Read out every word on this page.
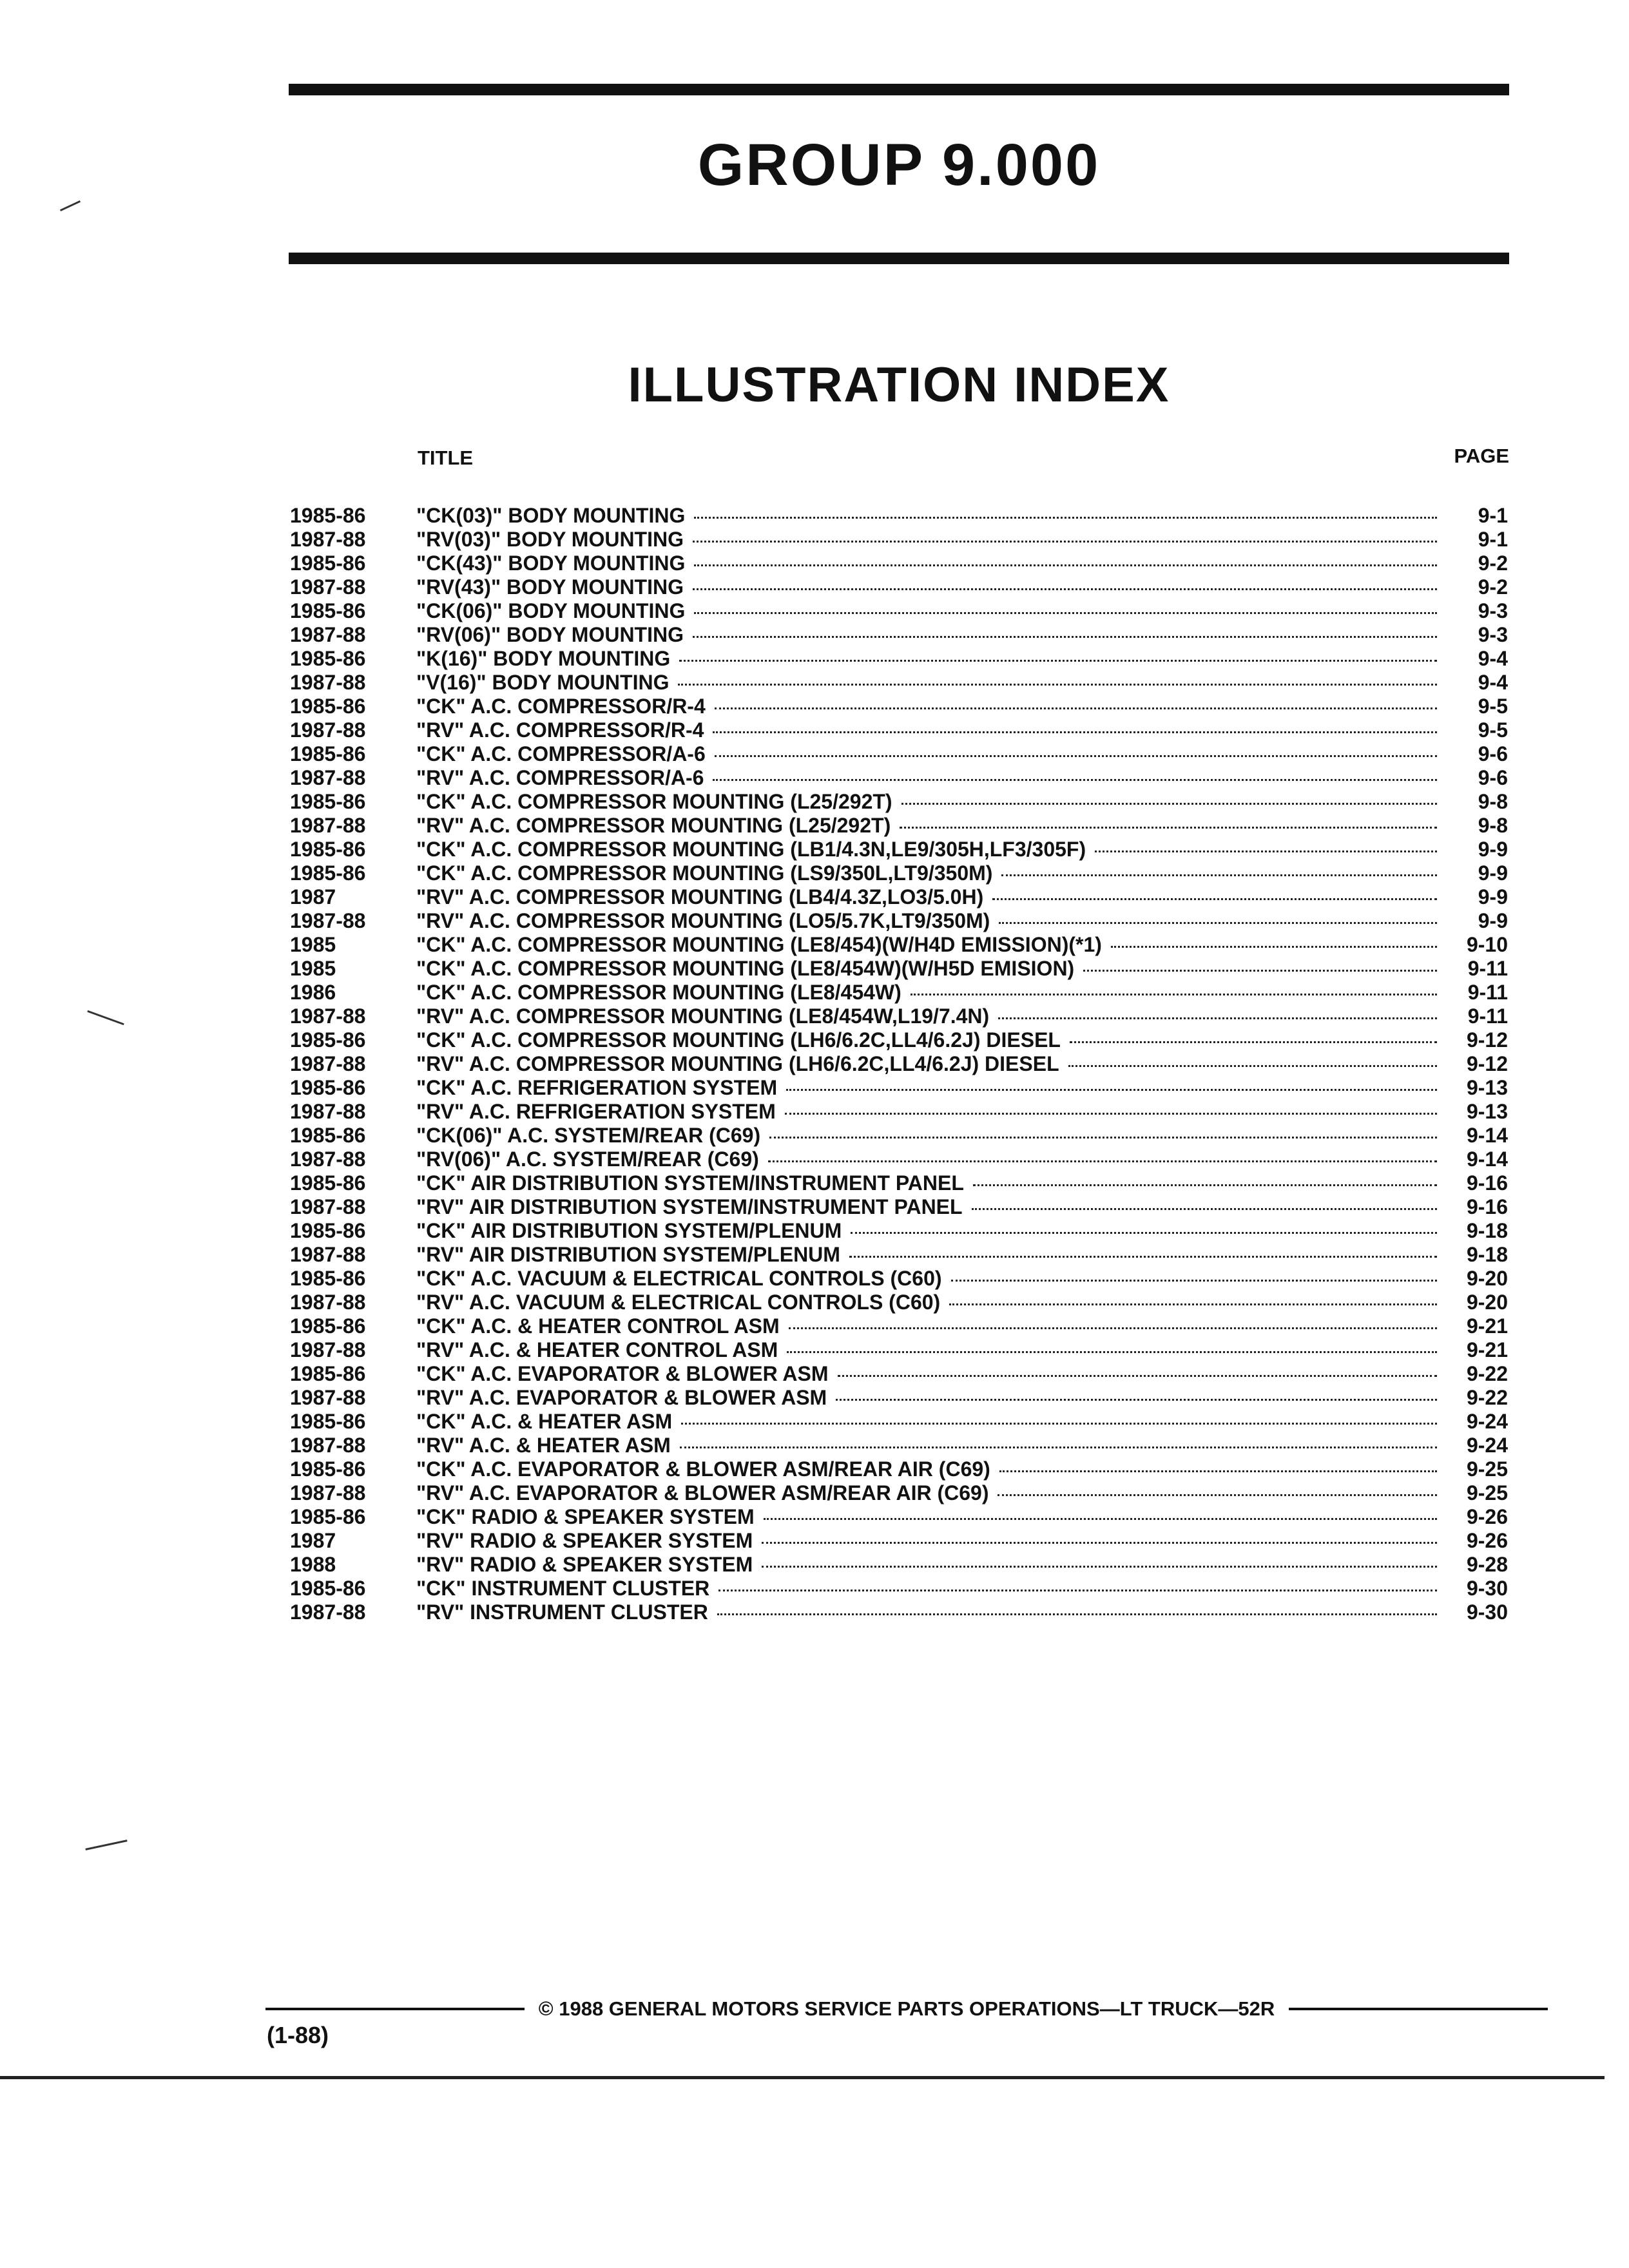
GROUP 9.000
ILLUSTRATION INDEX
TITLE	PAGE
1985-86	"CK(03)" BODY MOUNTING	9-1
1987-88	"RV(03)" BODY MOUNTING	9-1
1985-86	"CK(43)" BODY MOUNTING	9-2
1987-88	"RV(43)" BODY MOUNTING	9-2
1985-86	"CK(06)" BODY MOUNTING	9-3
1987-88	"RV(06)" BODY MOUNTING	9-3
1985-86	"K(16)" BODY MOUNTING	9-4
1987-88	"V(16)" BODY MOUNTING	9-4
1985-86	"CK" A.C. COMPRESSOR/R-4	9-5
1987-88	"RV" A.C. COMPRESSOR/R-4	9-5
1985-86	"CK" A.C. COMPRESSOR/A-6	9-6
1987-88	"RV" A.C. COMPRESSOR/A-6	9-6
1985-86	"CK" A.C. COMPRESSOR MOUNTING (L25/292T)	9-8
1987-88	"RV" A.C. COMPRESSOR MOUNTING (L25/292T)	9-8
1985-86	"CK" A.C. COMPRESSOR MOUNTING (LB1/4.3N,LE9/305H,LF3/305F)	9-9
1985-86	"CK" A.C. COMPRESSOR MOUNTING (LS9/350L,LT9/350M)	9-9
1987	"RV" A.C. COMPRESSOR MOUNTING (LB4/4.3Z,LO3/5.0H)	9-9
1987-88	"RV" A.C. COMPRESSOR MOUNTING (LO5/5.7K,LT9/350M)	9-9
1985	"CK" A.C. COMPRESSOR MOUNTING (LE8/454)(W/H4D EMISSION)(*1)	9-10
1985	"CK" A.C. COMPRESSOR MOUNTING (LE8/454W)(W/H5D EMISION)	9-11
1986	"CK" A.C. COMPRESSOR MOUNTING (LE8/454W)	9-11
1987-88	"RV" A.C. COMPRESSOR MOUNTING (LE8/454W,L19/7.4N)	9-11
1985-86	"CK" A.C. COMPRESSOR MOUNTING (LH6/6.2C,LL4/6.2J) DIESEL	9-12
1987-88	"RV" A.C. COMPRESSOR MOUNTING (LH6/6.2C,LL4/6.2J) DIESEL	9-12
1985-86	"CK" A.C. REFRIGERATION SYSTEM	9-13
1987-88	"RV" A.C. REFRIGERATION SYSTEM	9-13
1985-86	"CK(06)" A.C. SYSTEM/REAR (C69)	9-14
1987-88	"RV(06)" A.C. SYSTEM/REAR (C69)	9-14
1985-86	"CK" AIR DISTRIBUTION SYSTEM/INSTRUMENT PANEL	9-16
1987-88	"RV" AIR DISTRIBUTION SYSTEM/INSTRUMENT PANEL	9-16
1985-86	"CK" AIR DISTRIBUTION SYSTEM/PLENUM	9-18
1987-88	"RV" AIR DISTRIBUTION SYSTEM/PLENUM	9-18
1985-86	"CK" A.C. VACUUM & ELECTRICAL CONTROLS (C60)	9-20
1987-88	"RV" A.C. VACUUM & ELECTRICAL CONTROLS (C60)	9-20
1985-86	"CK" A.C. & HEATER CONTROL ASM	9-21
1987-88	"RV" A.C. & HEATER CONTROL ASM	9-21
1985-86	"CK" A.C. EVAPORATOR & BLOWER ASM	9-22
1987-88	"RV" A.C. EVAPORATOR & BLOWER ASM	9-22
1985-86	"CK" A.C. & HEATER ASM	9-24
1987-88	"RV" A.C. & HEATER ASM	9-24
1985-86	"CK" A.C. EVAPORATOR & BLOWER ASM/REAR AIR (C69)	9-25
1987-88	"RV" A.C. EVAPORATOR & BLOWER ASM/REAR AIR (C69)	9-25
1985-86	"CK" RADIO & SPEAKER SYSTEM	9-26
1987	"RV" RADIO & SPEAKER SYSTEM	9-26
1988	"RV" RADIO & SPEAKER SYSTEM	9-28
1985-86	"CK" INSTRUMENT CLUSTER	9-30
1987-88	"RV" INSTRUMENT CLUSTER	9-30
© 1988 GENERAL MOTORS SERVICE PARTS OPERATIONS—LT TRUCK—52R
(1-88)
